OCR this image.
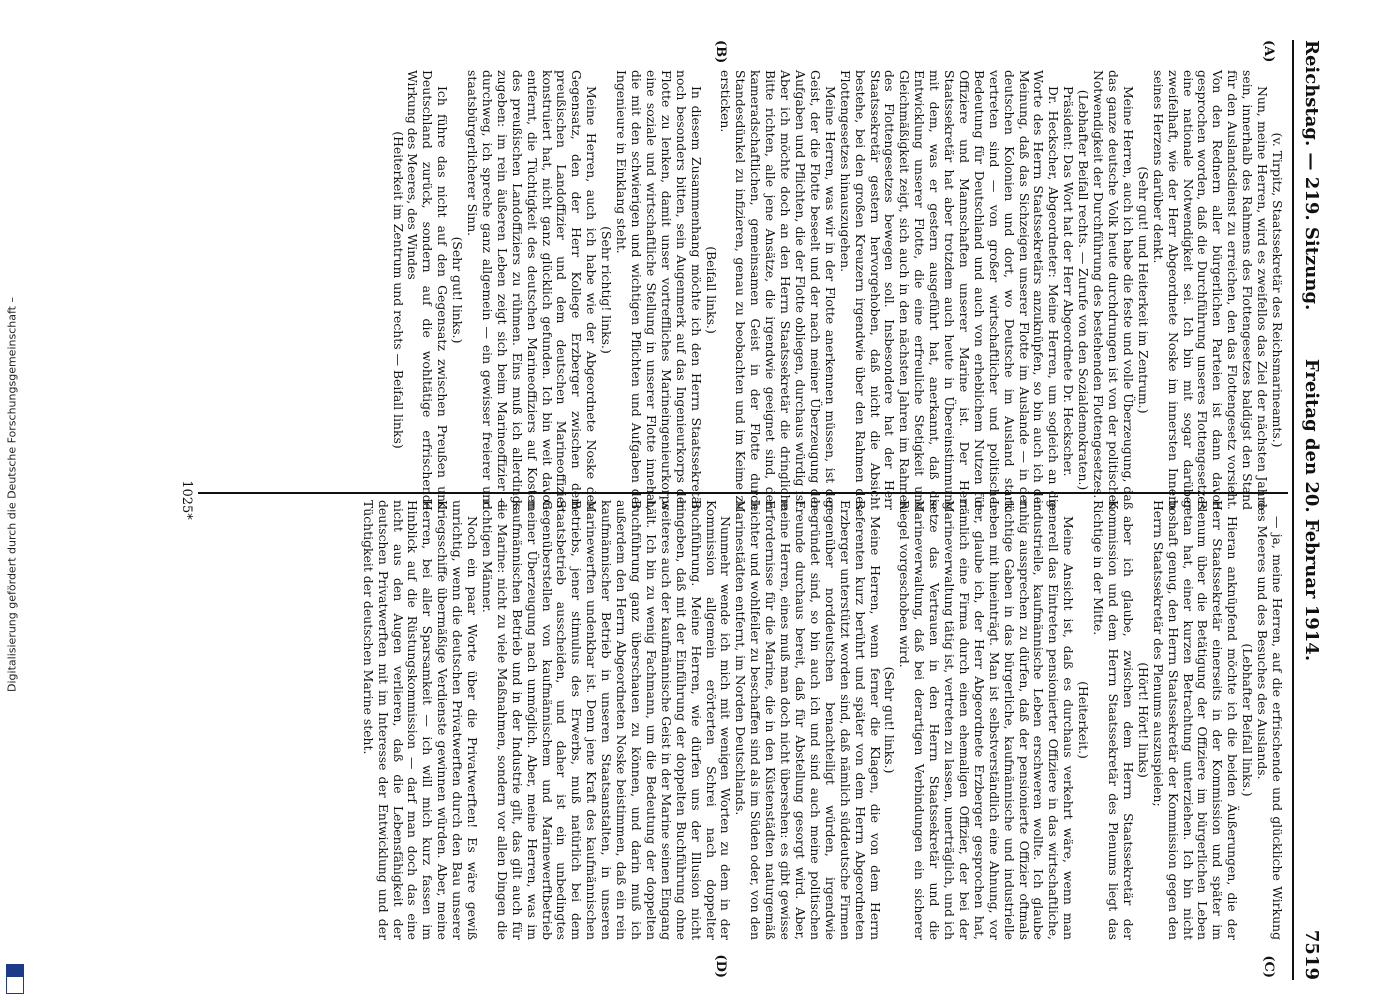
Digitalisierung gefördert durch die Deutsche Forschungsgemeinschaft –
Reichstag. — 219. Sitzung.
Freitag den 20. Februar 1914.
7519
(A)
(B)
(C)
(D)

(v. Tirpitz, Staatssekretär des Reichsmarineamts.)

Nun, meine Herren, wird es zweifellos das Ziel der nächsten Jahre sein, innerhalb des Rahmens des Flottengesetzes baldigst den Stand für den Auslandsdienst zu erreichen, den das Flottengesetz vorsieht. Von den Rednern aller bürgerlichen Parteien ist dann davon gesprochen worden, daß die Durchführung unseres Flottengesetzes eine nationale Notwendigkeit sei. Ich bin mit sogar darüber zweifelhaft, wie der Herr Abgeordnete Noske im innersten Innern seines Herzens darüber denkt.

(Sehr gut! und Heiterkeit im Zentrum.)

Meine Herren, auch ich habe die feste und volle Überzeugung, daß das ganze deutsche Volk heute durchdrungen ist von der politischen Notwendigkeit der Durchführung des bestehenden Flottengesetzes.

(Lebhafter Beifall rechts. — Zurufe von den Sozialdemokraten.)

Präsident: Das Wort hat der Herr Abgeordnete Dr. Heckscher.

Dr. Heckscher, Abgeordneter: Meine Herren, um sogleich an die Worte des Herrn Staatssekretärs anzuknüpfen, so bin auch ich der Meinung, daß das Sichzeigen unserer Flotte im Auslande — in den deutschen Kolonien und dort, wo Deutsche im Ausland stark vertreten sind — von großer wirtschaftlicher und politischer Bedeutung für Deutschland und auch von erheblichem Nutzen für Offiziere und Mannschaften unserer Marine ist. Der Herr Staatssekretär hat aber trotzdem auch heute in Übereinstimmung mit dem, was er gestern ausgeführt hat, anerkannt, daß die Entwicklung unserer Flotte, die eine erfreuliche Stetigkeit und Gleichmäßigkeit zeigt, sich auch in den nächsten Jahren im Rahmen des Flottengesetzes bewegen soll. Insbesondere hat der Herr Staatssekretär gestern hervorgehoben, daß nicht die Absicht bestehe, bei den großen Kreuzern irgendwie über den Rahmen des Flottengesetzes hinauszugehen.

Meine Herren, was wir in der Flotte anerkennen müssen, ist der Geist, der die Flotte beseelt und der nach meiner Überzeugung der Aufgaben und Pflichten, die der Flotte obliegen, durchaus würdig ist. Aber ich möchte doch an den Herrn Staatssekretär die dringliche Bitte richten, alle jene Ansätze, die irgendwie geeignet sind, den kameradschaftlichen, gemeinsamen Geist in der Flotte durch Standesdünkel zu infizieren, genau zu beobachten und im Keime zu ersticken.

(Beifall links.)

In diesem Zusammenhang möchte ich den Herrn Staatssekretär noch besonders bitten, sein Augenmerk auf das Ingenieurkorps der Flotte zu lenken, damit unser vortreffliches Marineingenieurkorps eine soziale und wirtschaftliche Stellung in unserer Flotte innehat, die mit den schwierigen und wichtigen Pflichten und Aufgaben der Ingenieure in Einklang steht.

(Sehr richtig! links.)

Meine Herren, auch ich habe wie der Abgeordnete Noske den Gegensatz, den der Herr Kollege Erzberger zwischen dem preußischen Landoffizier und dem deutschen Marineoffizier konstruiert hat, nicht ganz glücklich gefunden. Ich bin weit davon entfernt, die Tüchtigkeit des deutschen Marineoffiziers auf Kosten des preußischen Landoffiziers zu rühmen. Eins muß ich allerdings zugeben: im rein äußeren Leben zeigt sich beim Marineoffizier — durchweg, ich spreche ganz allgemein — ein gewisser freierer und staatsbürgerlicherer Sinn.

(Sehr gut! links.)

Ich führe das nicht auf den Gegensatz zwischen Preußen und Deutschland zurück, sondern auf die wohltätige erfrischende Wirkung des Meeres, des Windes

(Heiterkeit im Zentrum und rechts — Beifall links)

— ja, meine Herren, auf die erfrischende und glückliche Wirkung des Meeres und des Besuches des Auslands.

(Lebhafter Beifall links.)

Hieran anknüpfend möchte ich die beiden Äußerungen, die der Herr Staatssekretär einerseits in der Kommission und später im Plenum über die Betätigung der Offiziere im bürgerlichen Leben getan hat, einer kurzen Betrachtung unterziehen. Ich bin nicht boshaft genug, den Herrn Staatssekretär der Kommission gegen den Herrn Staatssekretär des Plenums auszuspielen;

(Hört! Hört! links)

aber ich glaube, zwischen dem Herrn Staatssekretär der Kommission und dem Herrn Staatssekretär des Plenums liegt das Richtige in der Mitte.

(Heiterkeit.)

Meine Ansicht ist, daß es durchaus verkehrt wäre, wenn man generell das Eintreten pensionierter Offiziere in das wirtschaftliche, industrielle, kaufmännische Leben erschweren wollte. Ich glaube ruhig aussprechen zu dürfen, daß der pensionierte Offizier oftmals tüchtige Gaben in das bürgerliche, kaufmännische und industrielle Leben mit hineinträgt. Man ist selbstverständlich eine Ahnung, vor der, glaube ich, der Herr Abgeordnete Erzberger gesprochen hat, nämlich eine Firma durch einen ehemaligen Offizier, der bei der Marineverwaltung tätig ist, vertreten zu lassen, unerträglich, und ich setze das Vertrauen in den Herrn Staatssekretär und die Marineverwaltung, daß bei derartigen Verbindungen ein sicherer Riegel vorgeschoben wird.

(Sehr gut! links.)

Meine Herren, wenn ferner die Klagen, die von dem Herrn Referenten kurz berührt und später von dem Herrn Abgeordneten Erzberger unterstützt worden sind, daß nämlich süddeutsche Firmen gegenüber norddeutschen benachteiligt würden, irgendwie begründet sind, so bin auch ich und sind auch meine politischen Freunde durchaus bereit, daß für Abstellung gesorgt wird. Aber, meine Herren, eines muß man doch nicht übersehen: es gibt gewisse Erfordernisse für die Marine, die in den Küstenstädten naturgemäß leichter und wohlfeiler zu beschaffen sind als im Süden oder, von den Marinestädten entfernt, im Norden Deutschlands.

Nunmehr wende ich mich mit wenigen Worten zu dem in der Kommission allgemein erörterten Schrei nach doppelter Buchführung. Meine Herren, wie dürfen uns der Illusion nicht hingeben, daß mit der Einführung der doppelten Buchführung ohne weiteres auch der kaufmännische Geist in der Marine seinen Eingang hält. Ich bin zu wenig Fachmann, um die Bedeutung der doppelten Buchführung ganz überschauen zu können, und darin muß ich außerdem den Herrn Abgeordneten Noske beistimmen, daß ein rein kaufmännischer Betrieb in unseren Staatsanstalten, in unseren Marinewerften undenkbar ist. Denn jene Kraft des kaufmännischen Betriebs, jener stimulus des Erwerbs, muß natürlich bei dem Staatsbetrieb ausscheiden, und daher ist ein unbedingtes Gegenüberstellen von kaufmännischem und Marinewerftbetrieb meiner Überzeugung nach unmöglich. Aber, meine Herren, was im kaufmännischen Betrieb und in der Industrie gilt, das gilt auch für die Marine: nicht zu viele Maßnahmen, sondern vor allen Dingen die richtigen Männer.

Noch ein paar Worte über die Privatwerften! Es wäre gewiß unrichtig, wenn die deutschen Privatwerften durch den Bau unserer Kriegsschiffe übermäßige Verdienste gewinnen würden. Aber, meine Herren, bei aller Sparsamkeit — ich will mich kurz fassen im Hinblick auf die Rüstungskommission — darf man doch das eine nicht aus den Augen verlieren, daß die Lebensfähigkeit der deutschen Privatwerften mit im Interesse der Entwicklung und der Tüchtigkeit der deutschen Marine steht.

1025*
